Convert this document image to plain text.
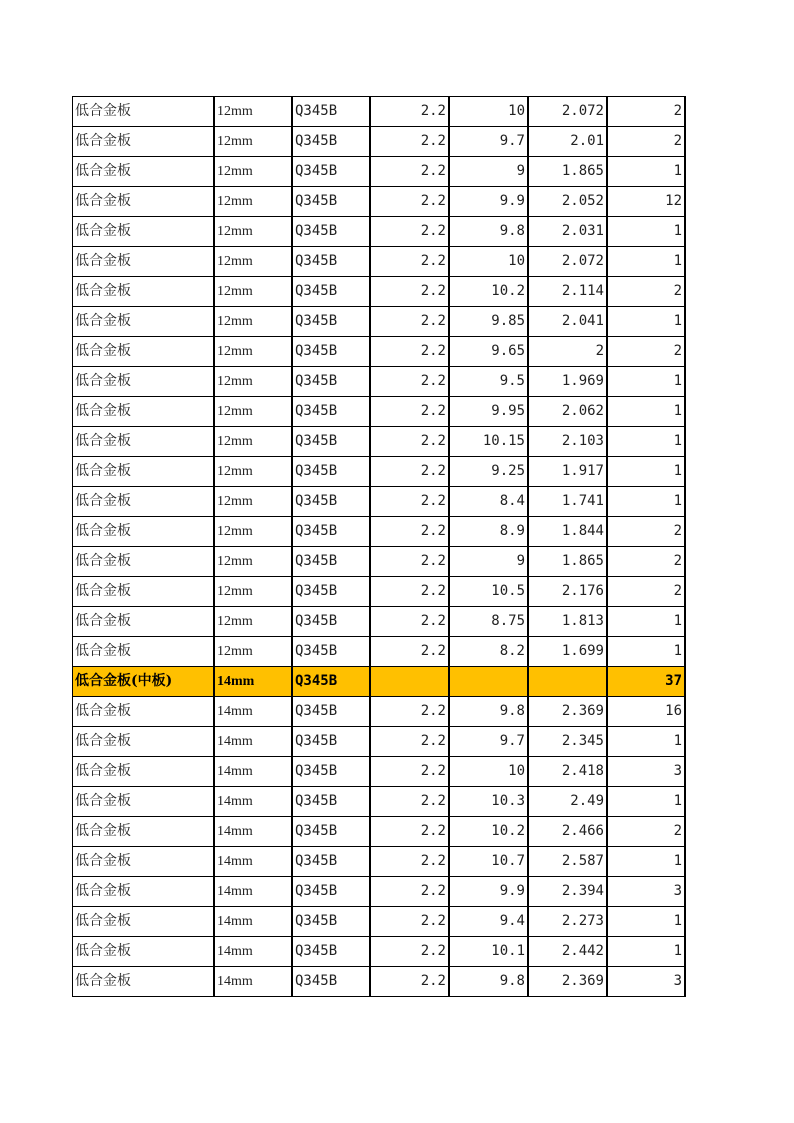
低合金板	12mm	Q345B	2.2	10	2.072	2
低合金板	12mm	Q345B	2.2	9.7	2.01	2
低合金板	12mm	Q345B	2.2	9	1.865	1
低合金板	12mm	Q345B	2.2	9.9	2.052	12
低合金板	12mm	Q345B	2.2	9.8	2.031	1
低合金板	12mm	Q345B	2.2	10	2.072	1
低合金板	12mm	Q345B	2.2	10.2	2.114	2
低合金板	12mm	Q345B	2.2	9.85	2.041	1
低合金板	12mm	Q345B	2.2	9.65	2	2
低合金板	12mm	Q345B	2.2	9.5	1.969	1
低合金板	12mm	Q345B	2.2	9.95	2.062	1
低合金板	12mm	Q345B	2.2	10.15	2.103	1
低合金板	12mm	Q345B	2.2	9.25	1.917	1
低合金板	12mm	Q345B	2.2	8.4	1.741	1
低合金板	12mm	Q345B	2.2	8.9	1.844	2
低合金板	12mm	Q345B	2.2	9	1.865	2
低合金板	12mm	Q345B	2.2	10.5	2.176	2
低合金板	12mm	Q345B	2.2	8.75	1.813	1
低合金板	12mm	Q345B	2.2	8.2	1.699	1
低合金板(中板)	14mm	Q345B				37
低合金板	14mm	Q345B	2.2	9.8	2.369	16
低合金板	14mm	Q345B	2.2	9.7	2.345	1
低合金板	14mm	Q345B	2.2	10	2.418	3
低合金板	14mm	Q345B	2.2	10.3	2.49	1
低合金板	14mm	Q345B	2.2	10.2	2.466	2
低合金板	14mm	Q345B	2.2	10.7	2.587	1
低合金板	14mm	Q345B	2.2	9.9	2.394	3
低合金板	14mm	Q345B	2.2	9.4	2.273	1
低合金板	14mm	Q345B	2.2	10.1	2.442	1
低合金板	14mm	Q345B	2.2	9.8	2.369	3
